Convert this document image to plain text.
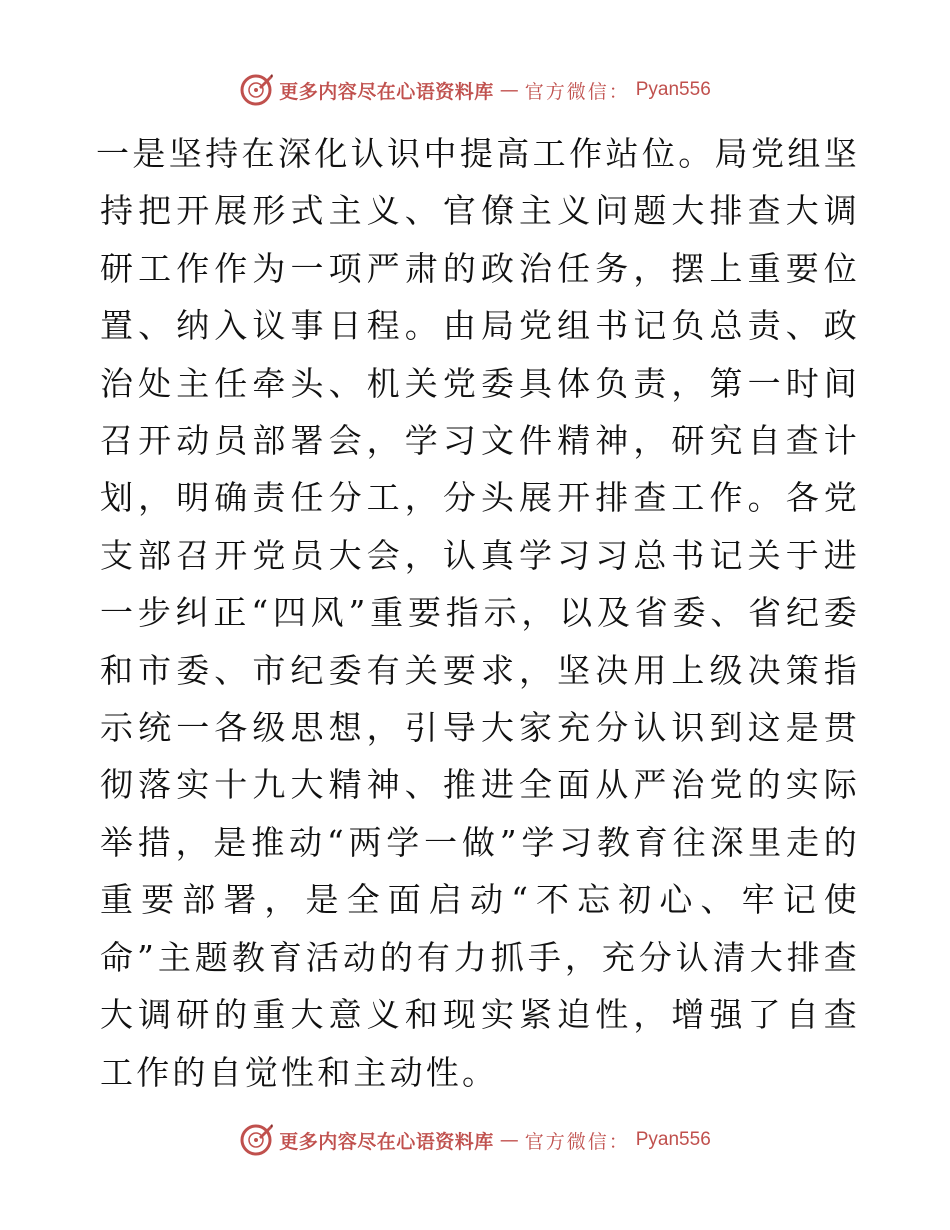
更多内容尽在心语资料库 — 官方微信： Pyan556

一是坚持在深化认识中提高工作站位。局党组坚持把开展形式主义、官僚主义问题大排查大调研工作作为一项严肃的政治任务，摆上重要位置、纳入议事日程。由局党组书记负总责、政治处主任牵头、机关党委具体负责，第一时间召开动员部署会，学习文件精神，研究自查计划，明确责任分工，分头展开排查工作。各党支部召开党员大会，认真学习习总书记关于进一步纠正“四风”重要指示，以及省委、省纪委和市委、市纪委有关要求，坚决用上级决策指示统一各级思想，引导大家充分认识到这是贯彻落实十九大精神、推进全面从严治党的实际举措，是推动“两学一做”学习教育往深里走的重要部署，是全面启动“不忘初心、牢记使命”主题教育活动的有力抓手，充分认清大排查大调研的重大意义和现实紧迫性，增强了自查工作的自觉性和主动性。

更多内容尽在心语资料库 — 官方微信： Pyan556
